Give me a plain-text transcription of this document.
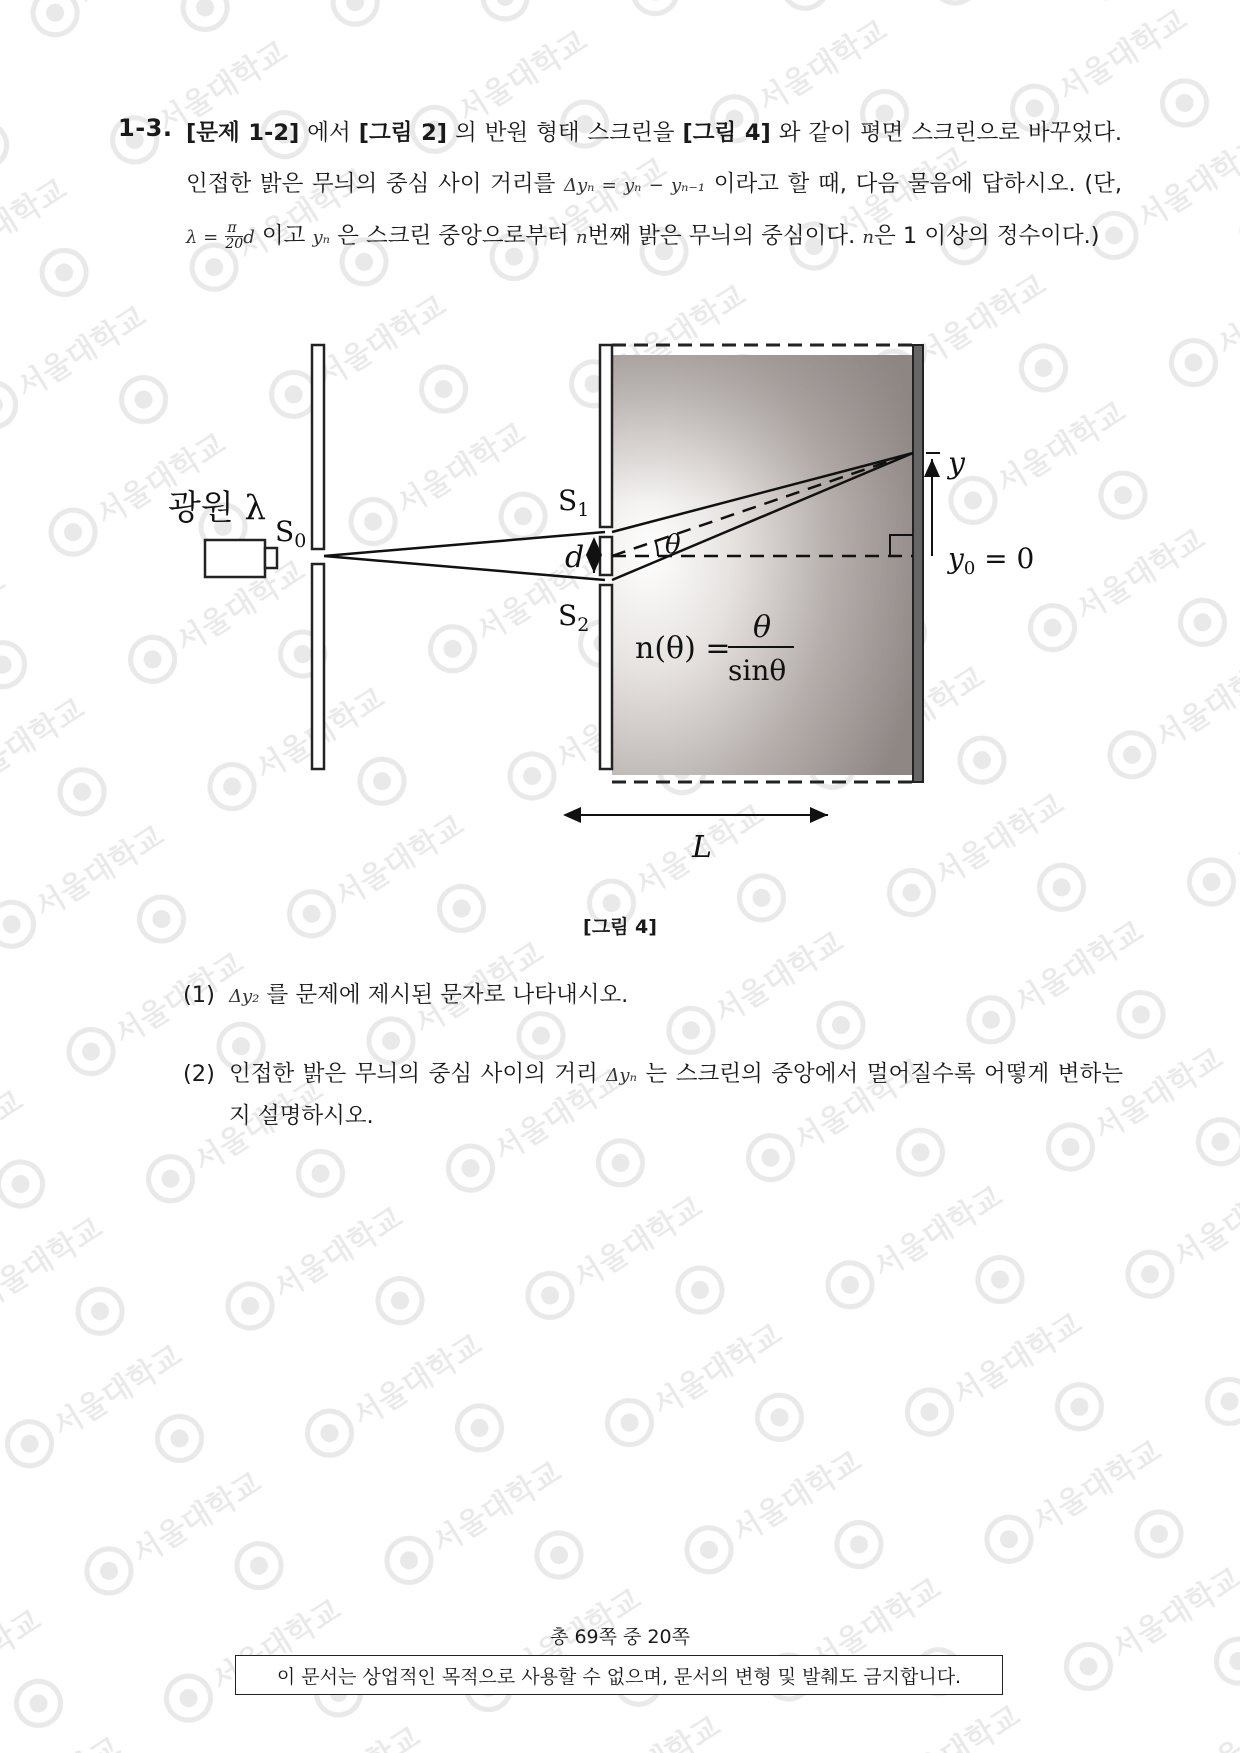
1-3. [문제 1-2] 에서 [그림 2] 의 반원 형태 스크린을 [그림 4] 와 같이 평면 스크린으로 바꾸었다. 인접한 밝은 무늬의 중심 사이 거리를 Δyₙ = yₙ − yₙ₋₁ 이라고 할 때, 다음 물음에 답하시오. (단, $\lambda = \frac{\pi}{20}$ d 이고 yₙ 은 스크린 중앙으로부터 n번째 밝은 무늬의 중심이다. n은 1 이상의 정수이다.)
광원 λ
$S_0$
$S_1$
$S_2$
d	θ
y
$y_0 = 0$
n(θ) =
θ
sinθ
L
[그림 4]
(1) Δy₂ 를 문제에 제시된 문자로 나타내시오.
(2) 인접한 밝은 무늬의 중심 사이의 거리 Δyₙ 는 스크린의 중앙에서 멀어질수록 어떻게 변하는지 설명하시오.
총 69쪽 중 20쪽
이 문서는 상업적인 목적으로 사용할 수 없으며, 문서의 변형 및 발췌도 금지합니다.
